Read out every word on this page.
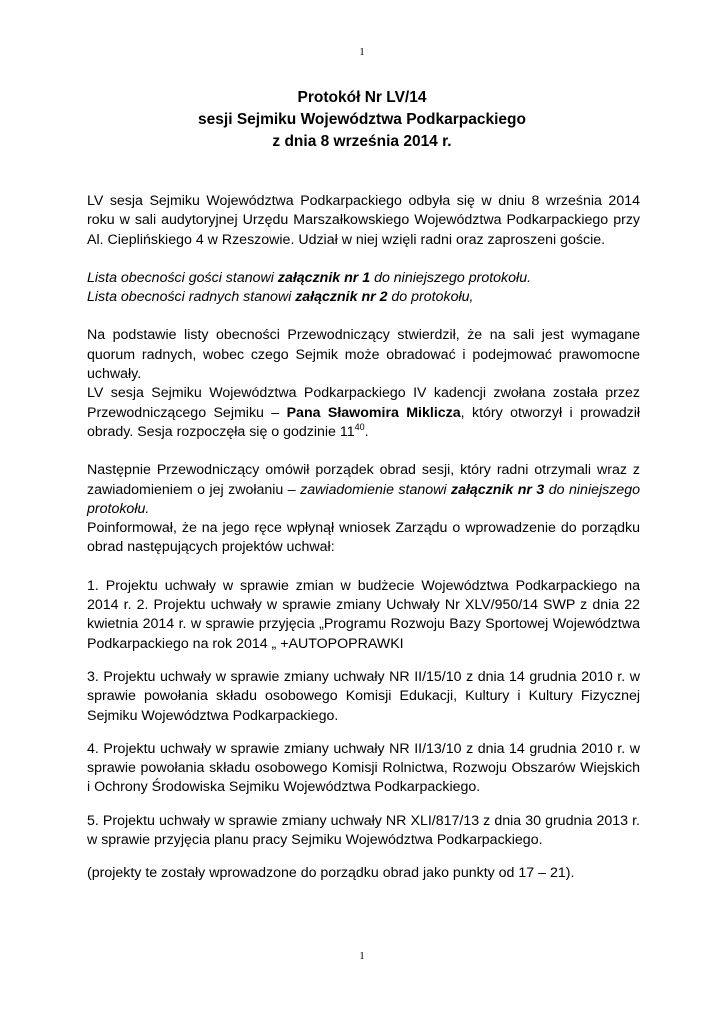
1
Protokół Nr LV/14
sesji Sejmiku Województwa Podkarpackiego
z dnia 8 września 2014 r.

LV sesja Sejmiku Województwa Podkarpackiego odbyła się w dniu 8 września 2014 roku w sali audytoryjnej Urzędu Marszałkowskiego Województwa Podkarpackiego przy Al. Cieplińskiego 4 w Rzeszowie. Udział w niej wzięli radni oraz zaproszeni goście.

Lista obecności gości stanowi załącznik nr 1 do niniejszego protokołu.
Lista obecności radnych stanowi załącznik nr 2 do protokołu,

Na podstawie listy obecności Przewodniczący stwierdził, że na sali jest wymagane quorum radnych, wobec czego Sejmik może obradować i podejmować prawomocne uchwały.
LV sesja Sejmiku Województwa Podkarpackiego IV kadencji zwołana została przez Przewodniczącego Sejmiku – Pana Sławomira Miklicza, który otworzył i prowadził obrady. Sesja rozpoczęła się o godzinie $11^{40}$.

Następnie Przewodniczący omówił porządek obrad sesji, który radni otrzymali wraz z zawiadomieniem o jej zwołaniu – zawiadomienie stanowi załącznik nr 3 do niniejszego protokołu.
Poinformował, że na jego ręce wpłynął wniosek Zarządu o wprowadzenie do porządku obrad następujących projektów uchwał:

1. Projektu uchwały w sprawie zmian w budżecie Województwa Podkarpackiego na 2014 r. 2. Projektu uchwały w sprawie zmiany Uchwały Nr XLV/950/14 SWP z dnia 22 kwietnia 2014 r. w sprawie przyjęcia „Programu Rozwoju Bazy Sportowej Województwa Podkarpackiego na rok 2014 „ +AUTOPOPRAWKI

3. Projektu uchwały w sprawie zmiany uchwały NR II/15/10 z dnia 14 grudnia 2010 r. w sprawie powołania składu osobowego Komisji Edukacji, Kultury i Kultury Fizycznej Sejmiku Województwa Podkarpackiego.

4. Projektu uchwały w sprawie zmiany uchwały NR II/13/10 z dnia 14 grudnia 2010 r. w sprawie powołania składu osobowego Komisji Rolnictwa, Rozwoju Obszarów Wiejskich i Ochrony Środowiska Sejmiku Województwa Podkarpackiego.

5. Projektu uchwały w sprawie zmiany uchwały NR XLI/817/13 z dnia 30 grudnia 2013 r. w sprawie przyjęcia planu pracy Sejmiku Województwa Podkarpackiego.

(projekty te zostały wprowadzone do porządku obrad jako punkty od 17 – 21).

1
